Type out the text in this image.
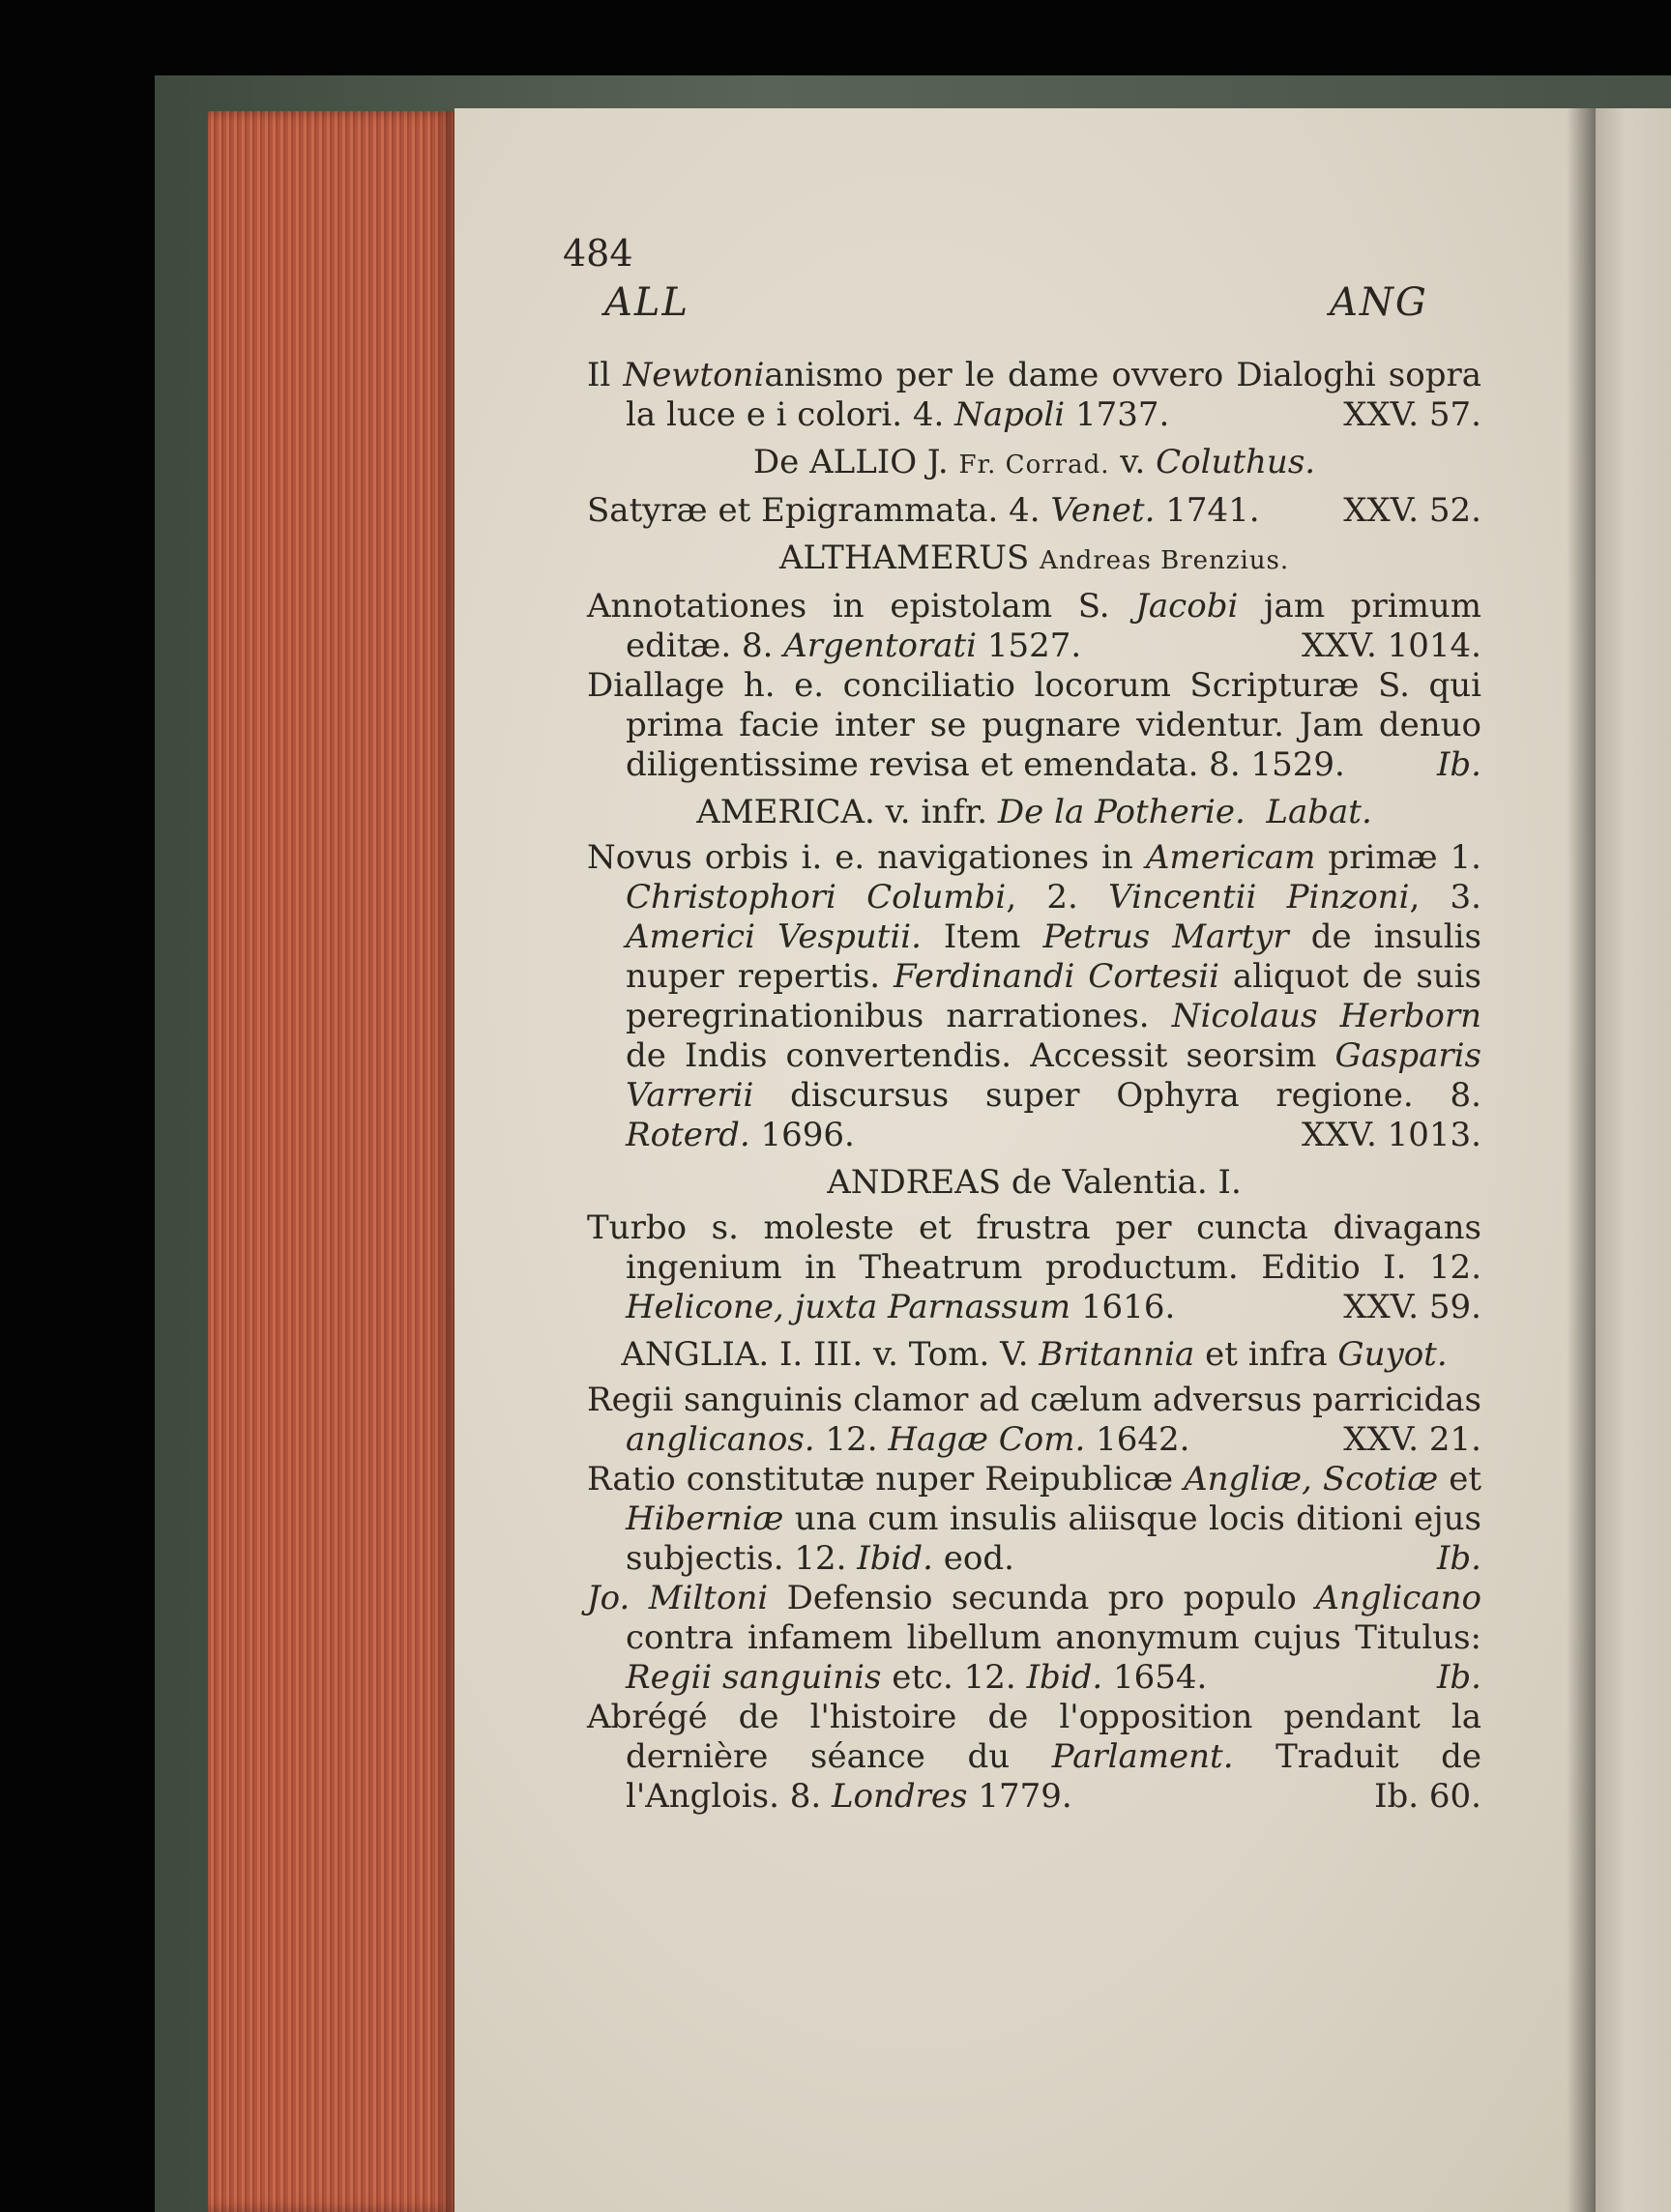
484
ALL	ANG

Il Newtonianismo per le dame ovvero Dialoghi sopra la luce e i colori. 4. Napoli 1737.	XXV. 57.

De ALLIO J. Fr. Corrad. v. Coluthus.

Satyræ et Epigrammata. 4. Venet. 1741.	XXV. 52.

ALTHAMERUS Andreas Brenzius.

Annotationes in epistolam S. Jacobi jam primum editæ. 8. Argentorati 1527.	XXV. 1014.

Diallage h. e. conciliatio locorum Scripturæ S. qui prima facie inter se pugnare videntur. Jam denuo diligentissime revisa et emendata. 8. 1529.	Ib.

AMERICA. v. infr. De la Potherie. Labat.

Novus orbis i. e. navigationes in Americam primæ 1. Christophori Columbi, 2. Vincentii Pinzoni, 3. Americi Vesputii. Item Petrus Martyr de insulis nuper repertis. Ferdinandi Cortesii aliquot de suis peregrinationibus narrationes. Nicolaus Herborn de Indis convertendis. Accessit seorsim Gasparis Varrerii discursus super Ophyra regione. 8. Roterd. 1696.	XXV. 1013.

ANDREAS de Valentia. I.

Turbo s. moleste et frustra per cuncta divagans ingenium in Theatrum productum. Editio I. 12. Helicone, juxta Parnassum 1616.	XXV. 59.

ANGLIA. I. III. v. Tom. V. Britannia et infra Guyot.

Regii sanguinis clamor ad cælum adversus parricidas anglicanos. 12. Hagæ Com. 1642.	XXV. 21.

Ratio constitutæ nuper Reipublicæ Angliæ, Scotiæ et Hiberniæ una cum insulis aliisque locis ditioni ejus subjectis. 12. Ibid. eod.	Ib.

Jo. Miltoni Defensio secunda pro populo Anglicano contra infamem libellum anonymum cujus Titulus: Regii sanguinis etc. 12. Ibid. 1654.	Ib.

Abrégé de l'histoire de l'opposition pendant la dernière séance du Parlament. Traduit de l'Anglois. 8. Londres 1779.	Ib. 60.
